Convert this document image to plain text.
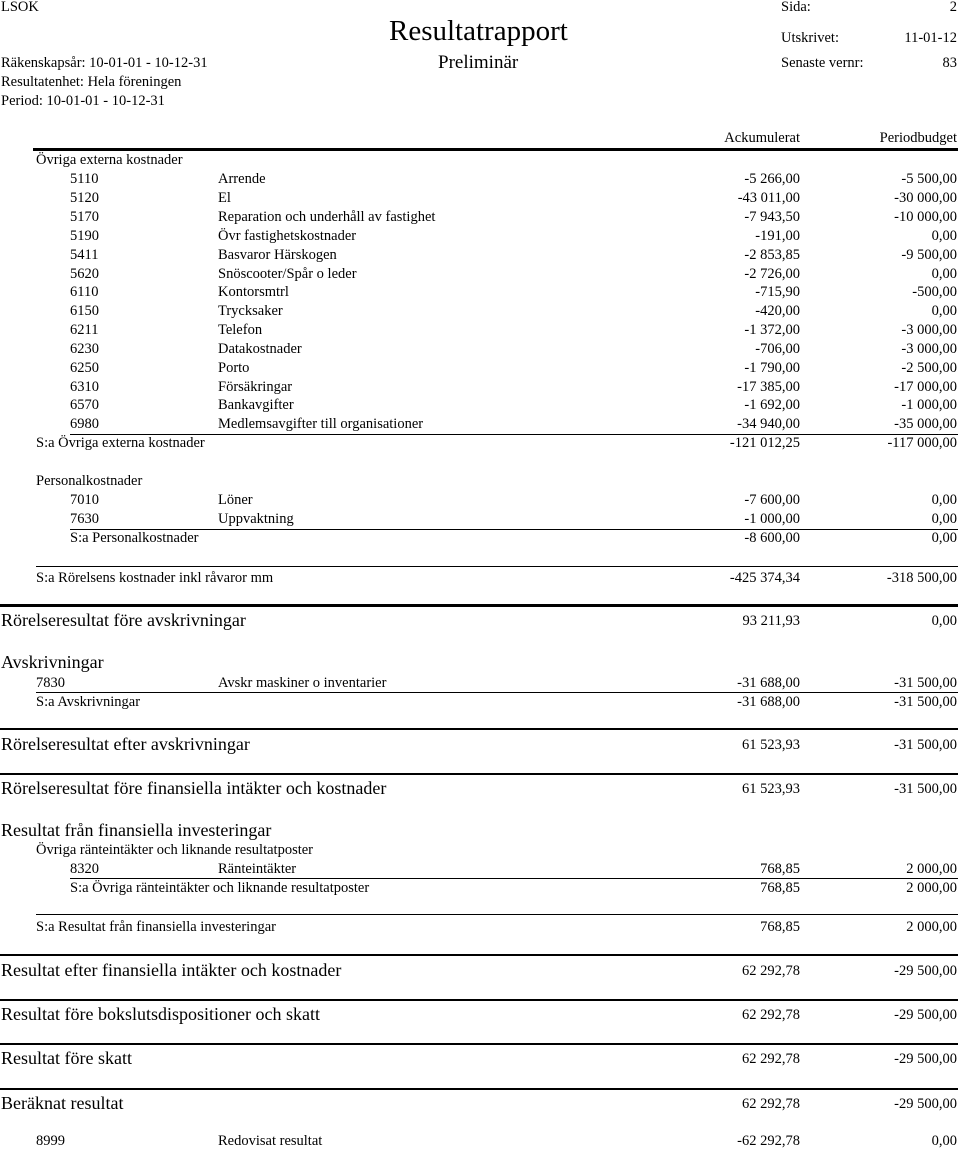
LSOK
Resultatrapport
Preliminär
Räkenskapsår: 10-01-01 - 10-12-31
Resultatenhet: Hela föreningen
Period: 10-01-01 - 10-12-31
Sida:	2
Utskrivet:	11-01-12
Senaste vernr:	83
Ackumulerat	Periodbudget
Övriga externa kostnader
5110	Arrende	-5 266,00	-5 500,00
5120	El	-43 011,00	-30 000,00
5170	Reparation och underhåll av fastighet	-7 943,50	-10 000,00
5190	Övr fastighetskostnader	-191,00	0,00
5411	Basvaror Härskogen	-2 853,85	-9 500,00
5620	Snöscooter/Spår o leder	-2 726,00	0,00
6110	Kontorsmtrl	-715,90	-500,00
6150	Trycksaker	-420,00	0,00
6211	Telefon	-1 372,00	-3 000,00
6230	Datakostnader	-706,00	-3 000,00
6250	Porto	-1 790,00	-2 500,00
6310	Försäkringar	-17 385,00	-17 000,00
6570	Bankavgifter	-1 692,00	-1 000,00
6980	Medlemsavgifter till organisationer	-34 940,00	-35 000,00
S:a Övriga externa kostnader	-121 012,25	-117 000,00
Personalkostnader
7010	Löner	-7 600,00	0,00
7630	Uppvaktning	-1 000,00	0,00
S:a Personalkostnader	-8 600,00	0,00
S:a Rörelsens kostnader inkl råvaror mm	-425 374,34	-318 500,00
Rörelseresultat före avskrivningar	93 211,93	0,00
Avskrivningar
7830	Avskr maskiner o inventarier	-31 688,00	-31 500,00
S:a Avskrivningar	-31 688,00	-31 500,00
Rörelseresultat efter avskrivningar	61 523,93	-31 500,00
Rörelseresultat före finansiella intäkter och kostnader	61 523,93	-31 500,00
Resultat från finansiella investeringar
Övriga ränteintäkter och liknande resultatposter
8320	Ränteintäkter	768,85	2 000,00
S:a Övriga ränteintäkter och liknande resultatposter	768,85	2 000,00
S:a Resultat från finansiella investeringar	768,85	2 000,00
Resultat efter finansiella intäkter och kostnader	62 292,78	-29 500,00
Resultat före bokslutsdispositioner och skatt	62 292,78	-29 500,00
Resultat före skatt	62 292,78	-29 500,00
Beräknat resultat	62 292,78	-29 500,00
8999	Redovisat resultat	-62 292,78	0,00
